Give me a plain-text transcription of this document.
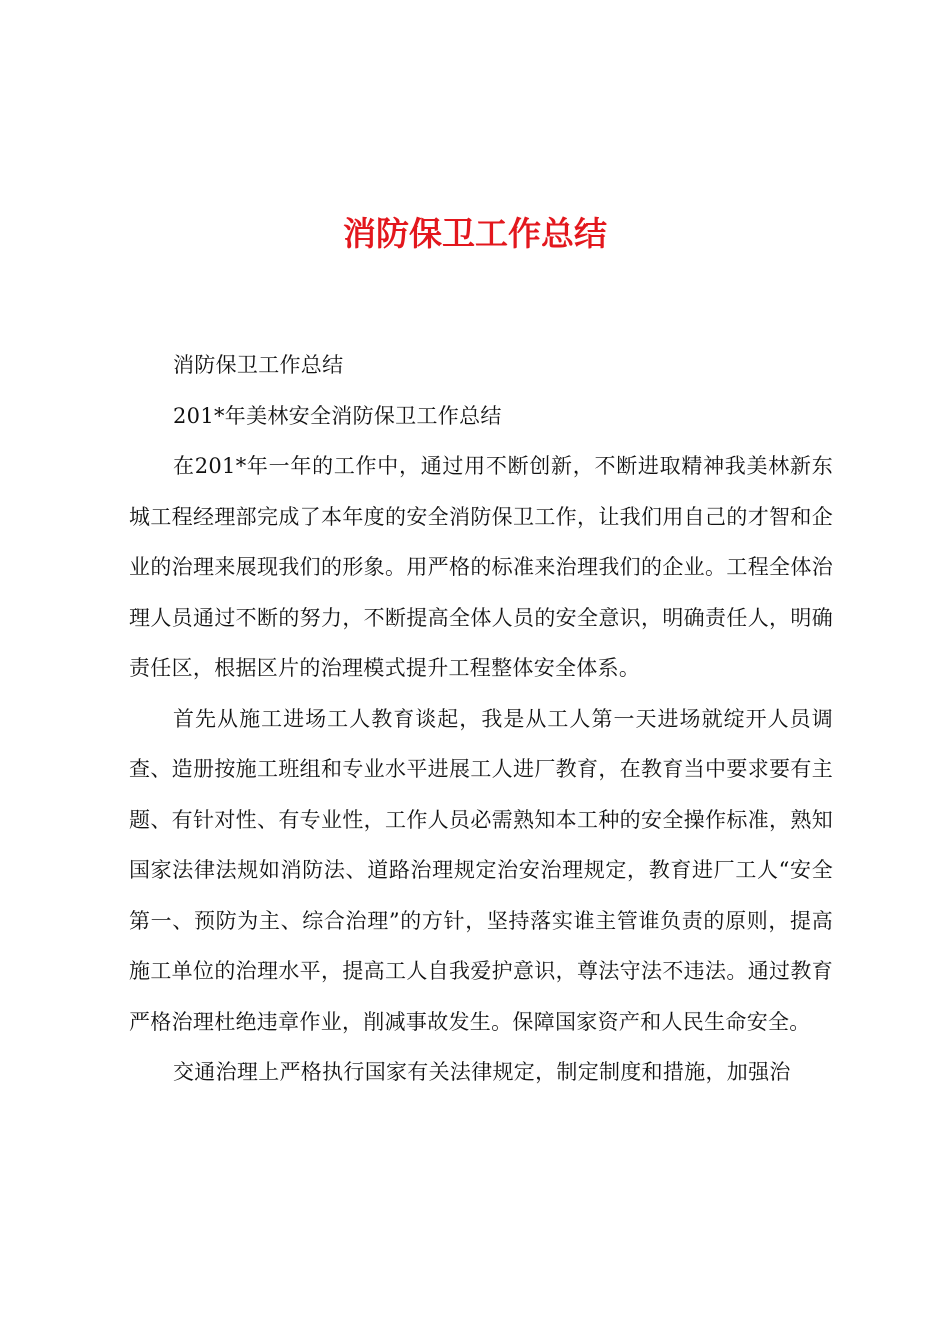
消防保卫工作总结

消防保卫工作总结

201*年美林安全消防保卫工作总结

在201*年一年的工作中，通过用不断创新，不断进取精神我美林新东城工程经理部完成了本年度的安全消防保卫工作，让我们用自己的才智和企业的治理来展现我们的形象。用严格的标准来治理我们的企业。工程全体治理人员通过不断的努力，不断提高全体人员的安全意识，明确责任人，明确责任区，根据区片的治理模式提升工程整体安全体系。

首先从施工进场工人教育谈起，我是从工人第一天进场就绽开人员调查、造册按施工班组和专业水平进展工人进厂教育，在教育当中要求要有主题、有针对性、有专业性，工作人员必需熟知本工种的安全操作标准，熟知国家法律法规如消防法、道路治理规定治安治理规定，教育进厂工人“安全第一、预防为主、综合治理”的方针，坚持落实谁主管谁负责的原则，提高施工单位的治理水平，提高工人自我爱护意识，尊法守法不违法。通过教育严格治理杜绝违章作业，削减事故发生。保障国家资产和人民生命安全。

交通治理上严格执行国家有关法律规定，制定制度和措施，加强治
